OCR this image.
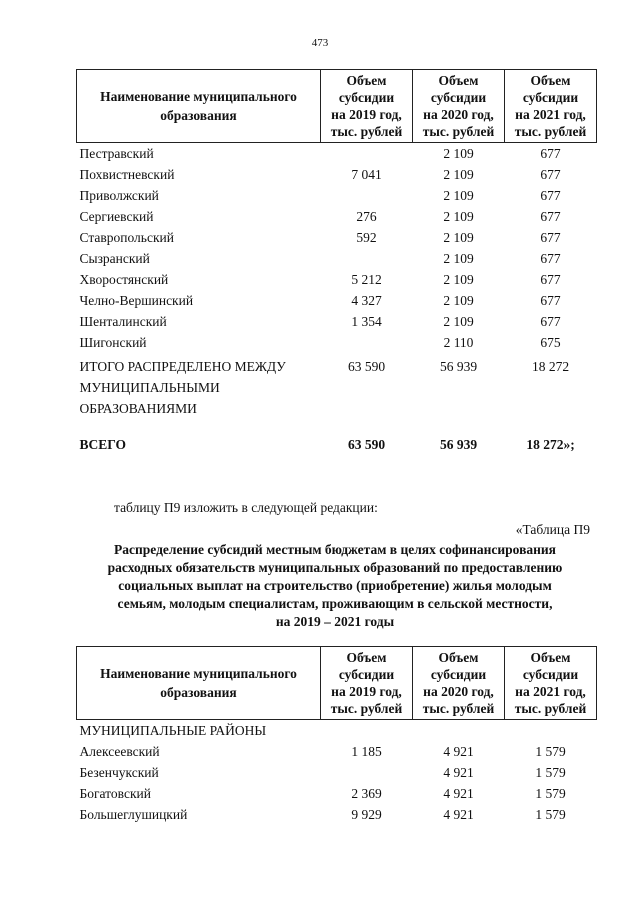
473
Наименование муниципального
образования	Объем
субсидии
на 2019 год,
тыс. рублей	Объем
субсидии
на 2020 год,
тыс. рублей	Объем
субсидии
на 2021 год,
тыс. рублей

Пестравский		2 109	677
Похвистневский	7 041	2 109	677
Приволжский		2 109	677
Сергиевский	276	2 109	677
Ставропольский	592	2 109	677
Сызранский		2 109	677
Хворостянский	5 212	2 109	677
Челно-Вершинский	4 327	2 109	677
Шенталинский	1 354	2 109	677
Шигонский		2 110	675

ИТОГО РАСПРЕДЕЛЕНО МЕЖДУ
МУНИЦИПАЛЬНЫМИ
ОБРАЗОВАНИЯМИ	63 590	56 939	18 272
ВСЕГО	63 590	56 939	18 272»;
таблицу П9 изложить в следующей редакции:
«Таблица П9
Распределение субсидий местным бюджетам в целях софинансирования
расходных обязательств муниципальных образований по предоставлению
социальных выплат на строительство (приобретение) жилья молодым
семьям, молодым специалистам, проживающим в сельской местности,
на 2019 – 2021 годы
Наименование муниципального
образования	Объем
субсидии
на 2019 год,
тыс. рублей	Объем
субсидии
на 2020 год,
тыс. рублей	Объем
субсидии
на 2021 год,
тыс. рублей

МУНИЦИПАЛЬНЫЕ РАЙОНЫ			
Алексеевский	1 185	4 921	1 579
Безенчукский		4 921	1 579
Богатовский	2 369	4 921	1 579
Большеглушицкий	9 929	4 921	1 579
